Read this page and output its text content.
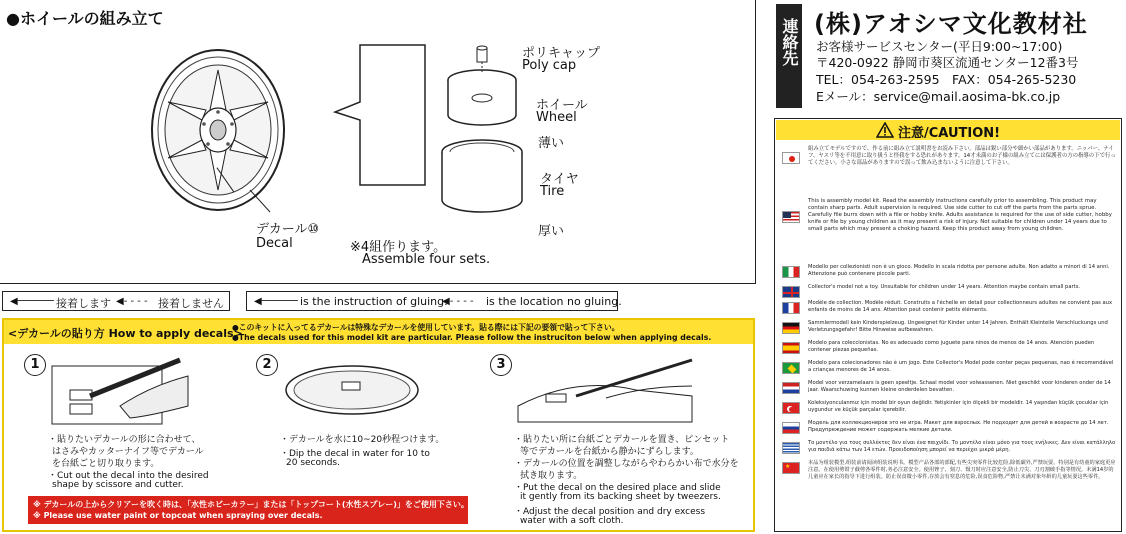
●ホイールの組み立て
ポリキャップ
Poly cap
ホイール
Wheel
薄い
タイヤ
Tire
厚い
デカール⑩
Decal	※4組作ります。
Assemble four sets.
◀────── 接着します ◀- - - - 接着しません	◀────── is the instruction of gluing.
◀- - - - is the location no gluing.
<デカールの貼り方 How to apply decals>
●このキットに入ってるデカールは特殊なデカールを使用しています。貼る際には下記の要領で貼って下さい。
●The decals used for this model kit are particular. Please follow the instruciton below when applying decals.
1
・貼りたいデカールの形に合わせて、
はさみやカッターナイフ等でデカール
を台紙ごと切り取ります。
・Cut out the decal into the desired
shape by scissore and cutter.
2
・デカールを水に10~20秒程つけます。
・Dip the decal in water for 10 to
20 seconds.
3
・貼りたい所に台紙ごとデカールを置き、ピンセット
等でデカールを台紙から静かにずらします。
・デカールの位置を調整しながらやわらかい布で水分を
拭き取ります。
・Put the decal on the desired place and slide
it gently from its backing sheet by tweezers.
・Adjust the decal position and dry excess
water with a soft cloth.
※ デカールの上からクリアーを吹く時は、「水性ホビーカラー」または「トップコート(水性スプレー)」をご使用下さい。
※ Please use water paint or topcoat when spraying over decals.
連絡先 (株)アオシマ文化教材社
お客様サービスセンター(平日9:00~17:00)
〒420-0922 静岡市葵区流通センター12番3号
TEL：054-263-2595　FAX：054-265-5230
Eメール：service@mail.aosima-bk.co.jp
注意/CAUTION!
組み立てモデルですので、作る前に組み立て説明書をお読み下さい。部品は鋭い部分や細かい部品があります。ニッパー、ナイフ、ヤスリ等を不用意に取り扱うと怪我をする恐れがあります。14才未満のお子様の組み立てには保護者の方の指導の下で行ってください。小さな部品がありますので誤って飲み込まないように注意して下さい。
This is assembly model kit. Read the assembly instructions carefully prior to assembling. This product may contain sharp parts. Adult supervision is required. Use side cutter to cut off the parts from the parts sprue. Carefully file burrs down with a file or hobby knife. Adults assistance is required for the use of side cutter, hobby knife or file by young children as it may present a risk of injury. Not suitable for children under 14 years due to small parts which may present a choking hazard. Keep this product away from young children.
Modello per collezionisti non è un gioco. Modello in scala ridotta per persone adulte. Non adatto a minori di 14 anni. Attenzione può contenere piccole parti.
Collector's model not a toy. Unsuitable for children under 14 years. Attention maybe contain small parts.
Modèle de collection. Modèle réduit. Construits a l'échelle en detail pour collectionneurs adultes ne convient pas aux enfants de moins de 14 ans. Attention peut contenir petits éléments.
Sammlermodell kein Kinderspielzeug. Ungeeignet für Kinder unter 14 Jahren. Enthält Kleinteile Verschluckungs und Verletzungsgefahr! Bitte Hinweise aufbewahren.
Modelo para coleccionistas. No es adecuado como juguete para ninos de menos de 14 anos. Atención pueden contener piezas pequeñas.
Modelo para colecionadores não é um jogo. Este Collector's Model pode conter peças pequenas, nao é recomendável a crianças menores de 14 anos.
Model voor verzamelaars is geen speeltje. Schaal model voor volwassenen. Niet geschikt voor kinderen onder de 14 jaar. Waarschuwing kunnen kleine onderdelen bevatten.
Koleksiyonculanmız için model bir oyun değildir. Yetişkinler için ölçekli bir modeldir. 14 yaşından küçük çocuklar için uygundur ve küçük parçalar içerebilir.
Модель для коллекционеров это не игра. Макет для взрослых. Не подходит для детей в возрасте до 14 лет. Предупреждение может содержать мелкие детали.
Το μοντέλο για τους συλλέκτες δεν είναι ένα παιχνίδι. Το μοντέλο είναι μόνο για τους ενήλικες. Δεν είναι κατάλληλο για παιδιά κάτω των 14 ετών. Προειδοποίηση μπορεί να περιέχει μικρά μέρη.
★	本品为组装模型,组装前请阅读组装说明书。模型产品各部的部配,有些尖突零件比较危险,除低碳外,严禁玩耍。特别是有幼童的家庭更应注意。在使用剪钳子截剪各零件时,务必注意安全。使用锉子、刻刀、镊刀时应注意安全,防止刀尖、刀刃割破手指等情况。未满14岁的儿童应在家长的指导下进行组装。防止误食微小零件,存放会有窒息的危险,误食危险物,严禁让未满对象年龄的儿童玩耍这些零件。
